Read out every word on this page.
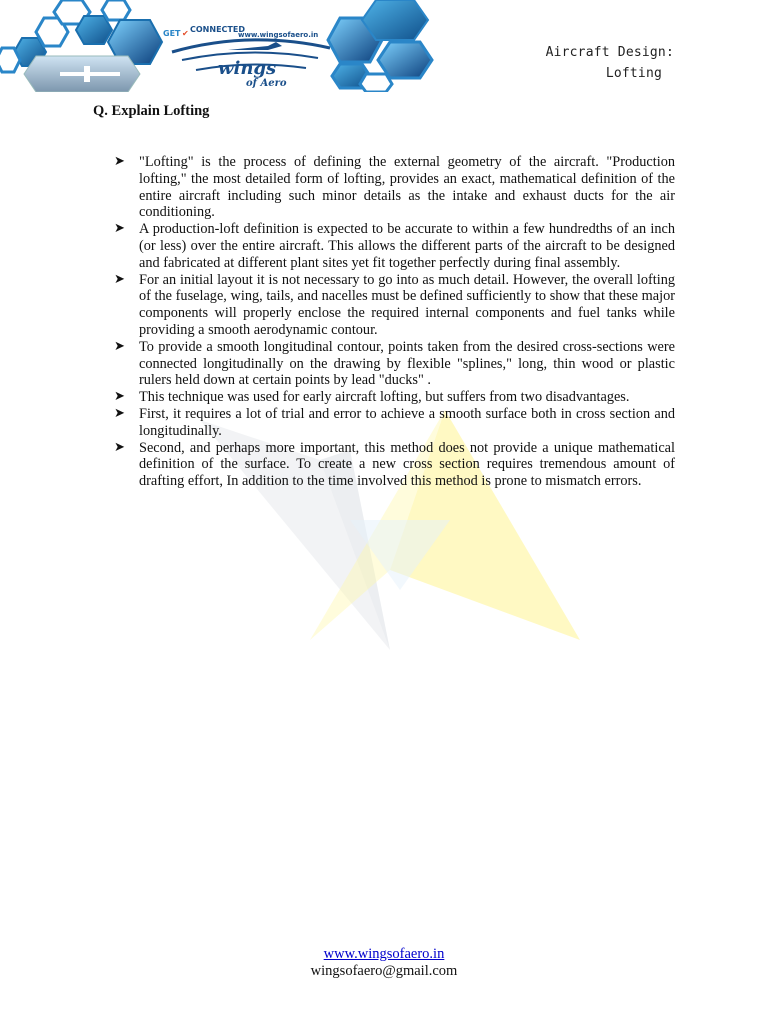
GET ✔ CONNECTED
www.wingsofaero.in
wings
of Aero
Aircraft Design:

Lofting
Q. Explain Lofting
➤ "Lofting" is the process of defining the external geometry of the aircraft. "Production lofting," the most detailed form of lofting, provides an exact, mathematical definition of the entire aircraft including such minor details as the intake and exhaust ducts for the air conditioning.
➤ A production-loft definition is expected to be accurate to within a few hundredths of an inch (or less) over the entire aircraft. This allows the different parts of the aircraft to be designed and fabricated at different plant sites yet fit together perfectly during final assembly.
➤ For an initial layout it is not necessary to go into as much detail. However, the overall lofting of the fuselage, wing, tails, and nacelles must be defined sufficiently to show that these major components will properly enclose the required internal components and fuel tanks while providing a smooth aerodynamic contour.
➤ To provide a smooth longitudinal contour, points taken from the desired cross-sections were connected longitudinally on the drawing by flexible "splines," long, thin wood or plastic rulers held down at certain points by lead "ducks" .
➤ This technique was used for early aircraft lofting, but suffers from two disadvantages.
➤ First, it requires a lot of trial and error to achieve a smooth surface both in cross section and longitudinally.
➤ Second, and perhaps more important, this method does not provide a unique mathematical definition of the surface. To create a new cross section requires tremendous amount of drafting effort, In addition to the time involved this method is prone to mismatch errors.
www.wingsofaero.in
wingsofaero@gmail.com
